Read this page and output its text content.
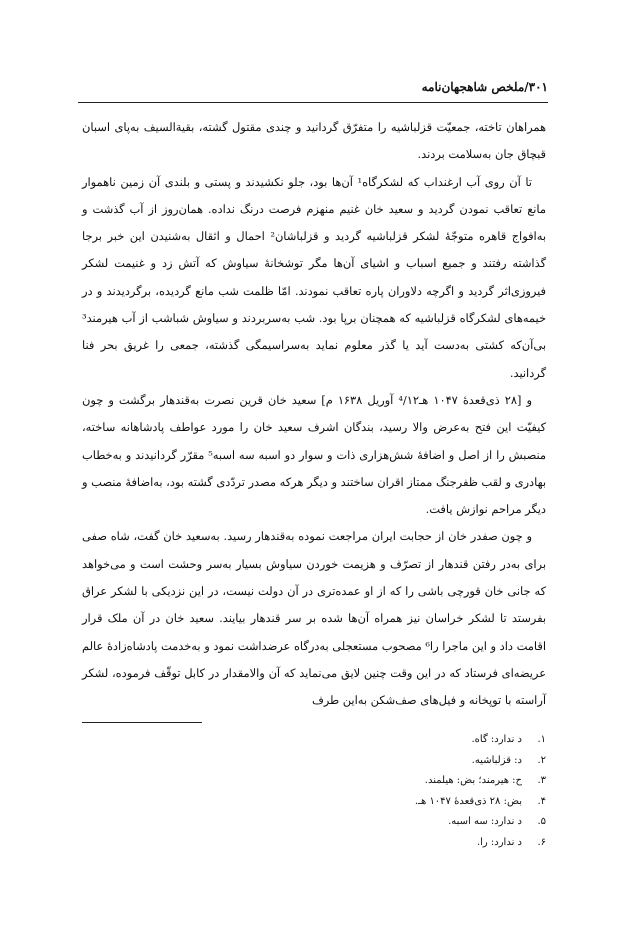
۳۰۱/ملخص شاهجهان‌نامه

همراهان تاخته، جمعیّت قزلباشیه را متفرّق گردانید و چندی مقتول گشته، بقیةالسیف به‌پای اسبان قبچاق جان به‌سلامت بردند.

تا آن روی آب ارغنداب که لشکرگاه¹ آن‌ها بود، جلو نکشیدند و پستی و بلندی آن زمین ناهموار مانع تعاقب نمودن گردید و سعید خان غنیم منهزم فرصت درنگ نداده. همان‌روز از آب گذشت و به‌افواج قاهره متوجّهٔ لشکر قزلباشیه گردید و قزلباشان² احمال و اثقال به‌شنیدن این خبر برجا گذاشته رفتند و جمیع اسباب و اشیای آن‌ها مگر توشخانهٔ سیاوش که آتش زد و غنیمت لشکر فیروزی‌اثر گردید و اگرچه دلاوران پاره تعاقب نمودند. امّا ظلمت شب مانع گردیده، برگردیدند و در خیمه‌های لشکرگاه قزلباشیه که همچنان برپا بود. شب به‌سربردند و سیاوش شباشب از آب هیرمند³ بی‌آن‌که کشتی به‌دست آید یا گذر معلوم نماید به‌سراسیمگی گذشته، جمعی را غریق بحر فنا گردانید.

و [۲۸ ذی‌قعدهٔ ۱۰۴۷ هـ⁴/۱۲ آوریل ۱۶۳۸ م] سعید خان قرین نصرت به‌قندهار برگشت و چون کیفیّت این فتح به‌عرض والا رسید، بندگان اشرف سعید خان را مورد عواطف پادشاهانه ساخته، منصبش را از اصل و اضافهٔ شش‌هزاری ذات و سوار دو اسبه سه اسبه⁵ مقرّر گردانیدند و به‌خطاب بهادری و لقب ظفرجنگ ممتاز اقران ساختند و دیگر هرکه مصدر تردّدی گشته بود، به‌اضافهٔ منصب و دیگر مراحم نوازش یافت.

و چون صفدر خان از حجابت ایران مراجعت نموده به‌قندهار رسید. به‌سعید خان گفت، شاه صفی برای به‌در رفتن قندهار از تصرّف و هزیمت خوردن سیاوش بسیار به‌سر وحشت است و می‌خواهد که جانی خان قورچی باشی را که از او عمده‌تری در آن دولت نیست، در این نزدیکی با لشکر عراق بفرستد تا لشکر خراسان نیز همراه آن‌ها شده بر سر قندهار بیایند. سعید خان در آن ملک قرار اقامت داد و این ماجرا را⁶ مصحوب مستعجلی به‌درگاه عرضداشت نمود و به‌خدمت پادشاه‌زادهٔ عالم عریضه‌ای فرستاد که در این وقت چنین لایق می‌نماید که آن والامقدار در کابل توقّف فرموده، لشکر آراسته با توپخانه و فیل‌های صف‌شکن به‌این طرف

۱.
د ندارد: گاه.
۲.
د: قزلباشیه.
۳.
ح: هیرمند؛ بض: هیلمند.
۴.
بض: ۲۸ ذی‌قعدهٔ ۱۰۴۷ هـ.
۵.
د ندارد: سه اسبه.
۶.
د ندارد: را.
